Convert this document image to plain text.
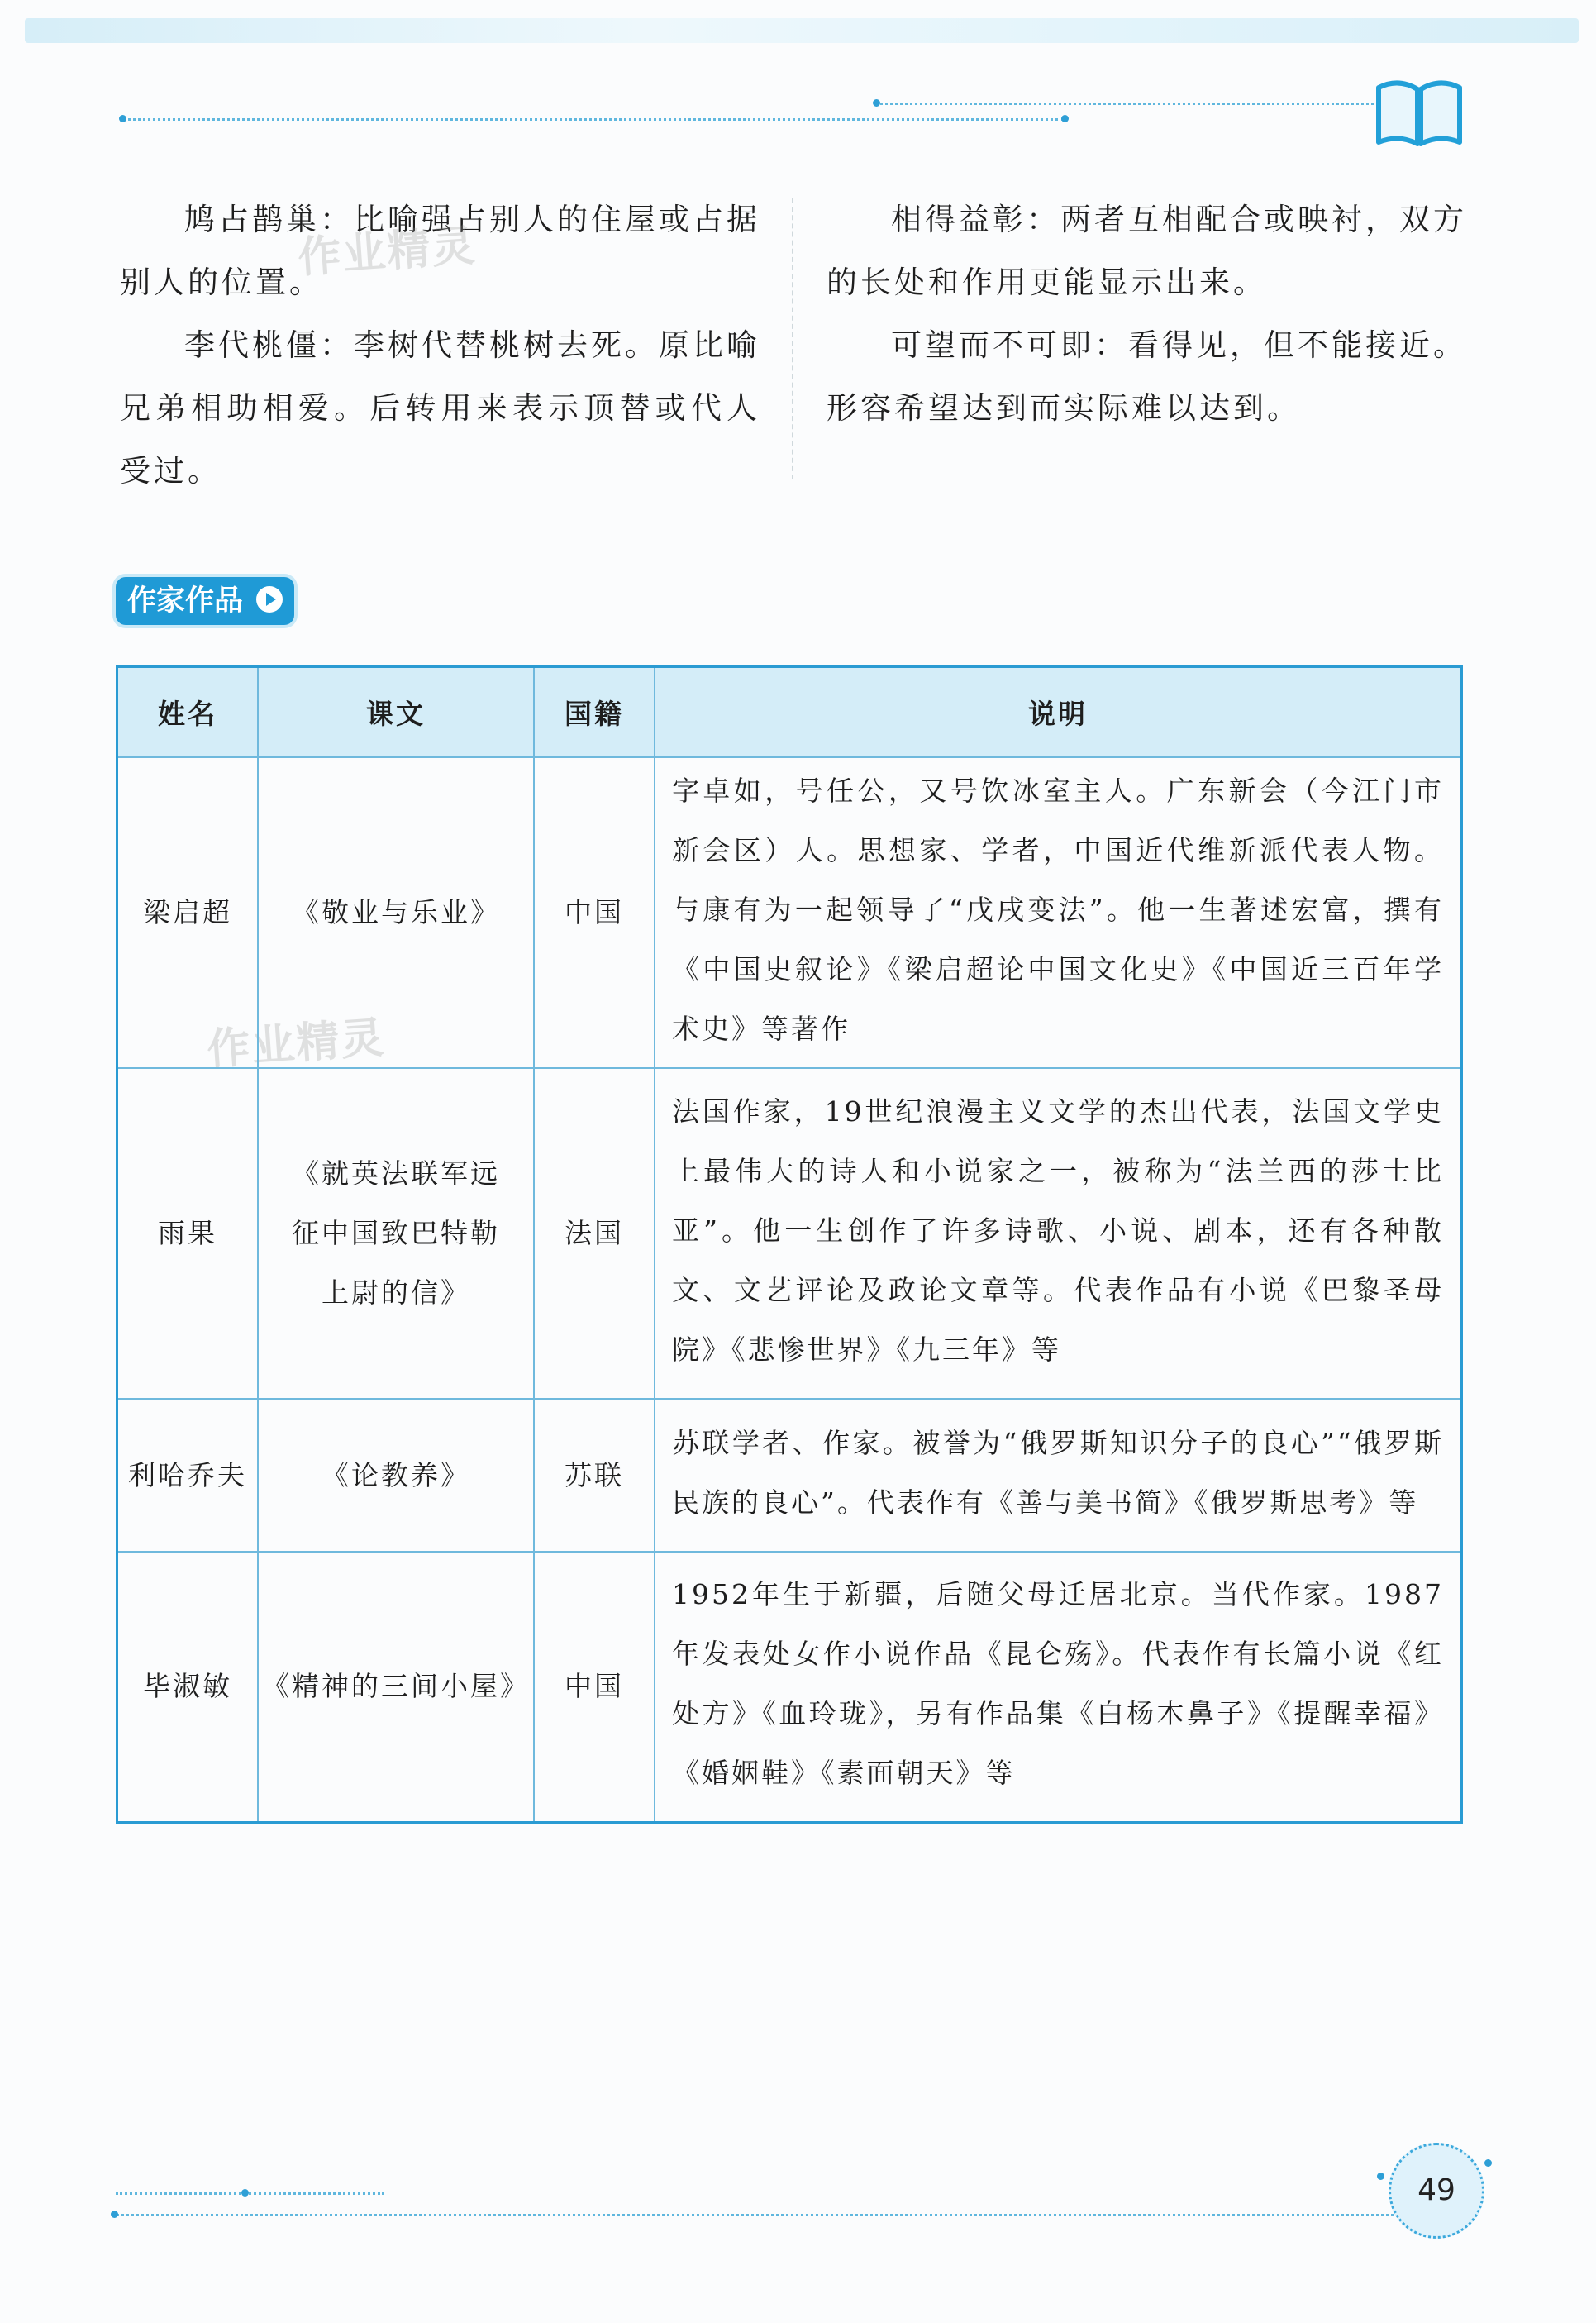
鸠占鹊巢：比喻强占别人的住屋或占据别人的位置。

李代桃僵：李树代替桃树去死。原比喻兄弟相助相爱。后转用来表示顶替或代人受过。

相得益彰：两者互相配合或映衬，双方的长处和作用更能显示出来。

可望而不可即：看得见，但不能接近。形容希望达到而实际难以达到。

作业精灵
作业精灵
作家作品
姓名	课文	国籍	说明
梁启超	《敬业与乐业》	中国	字卓如，号任公，又号饮冰室主人。广东新会（今江门市新会区）人。思想家、学者，中国近代维新派代表人物。与康有为一起领导了“戊戌变法”。他一生著述宏富，撰有《中国史叙论》《梁启超论中国文化史》《中国近三百年学术史》等著作
雨果	《就英法联军远征中国致巴特勒上尉的信》	法国	法国作家，19世纪浪漫主义文学的杰出代表，法国文学史上最伟大的诗人和小说家之一，被称为“法兰西的莎士比亚”。他一生创作了许多诗歌、小说、剧本，还有各种散文、文艺评论及政论文章等。代表作品有小说《巴黎圣母院》《悲惨世界》《九三年》等
利哈乔夫	《论教养》	苏联	苏联学者、作家。被誉为“俄罗斯知识分子的良心”“俄罗斯民族的良心”。代表作有《善与美书简》《俄罗斯思考》等
毕淑敏	《精神的三间小屋》	中国	1952年生于新疆，后随父母迁居北京。当代作家。1987年发表处女作小说作品《昆仑殇》。代表作有长篇小说《红处方》《血玲珑》，另有作品集《白杨木鼻子》《提醒幸福》《婚姻鞋》《素面朝天》等
49
